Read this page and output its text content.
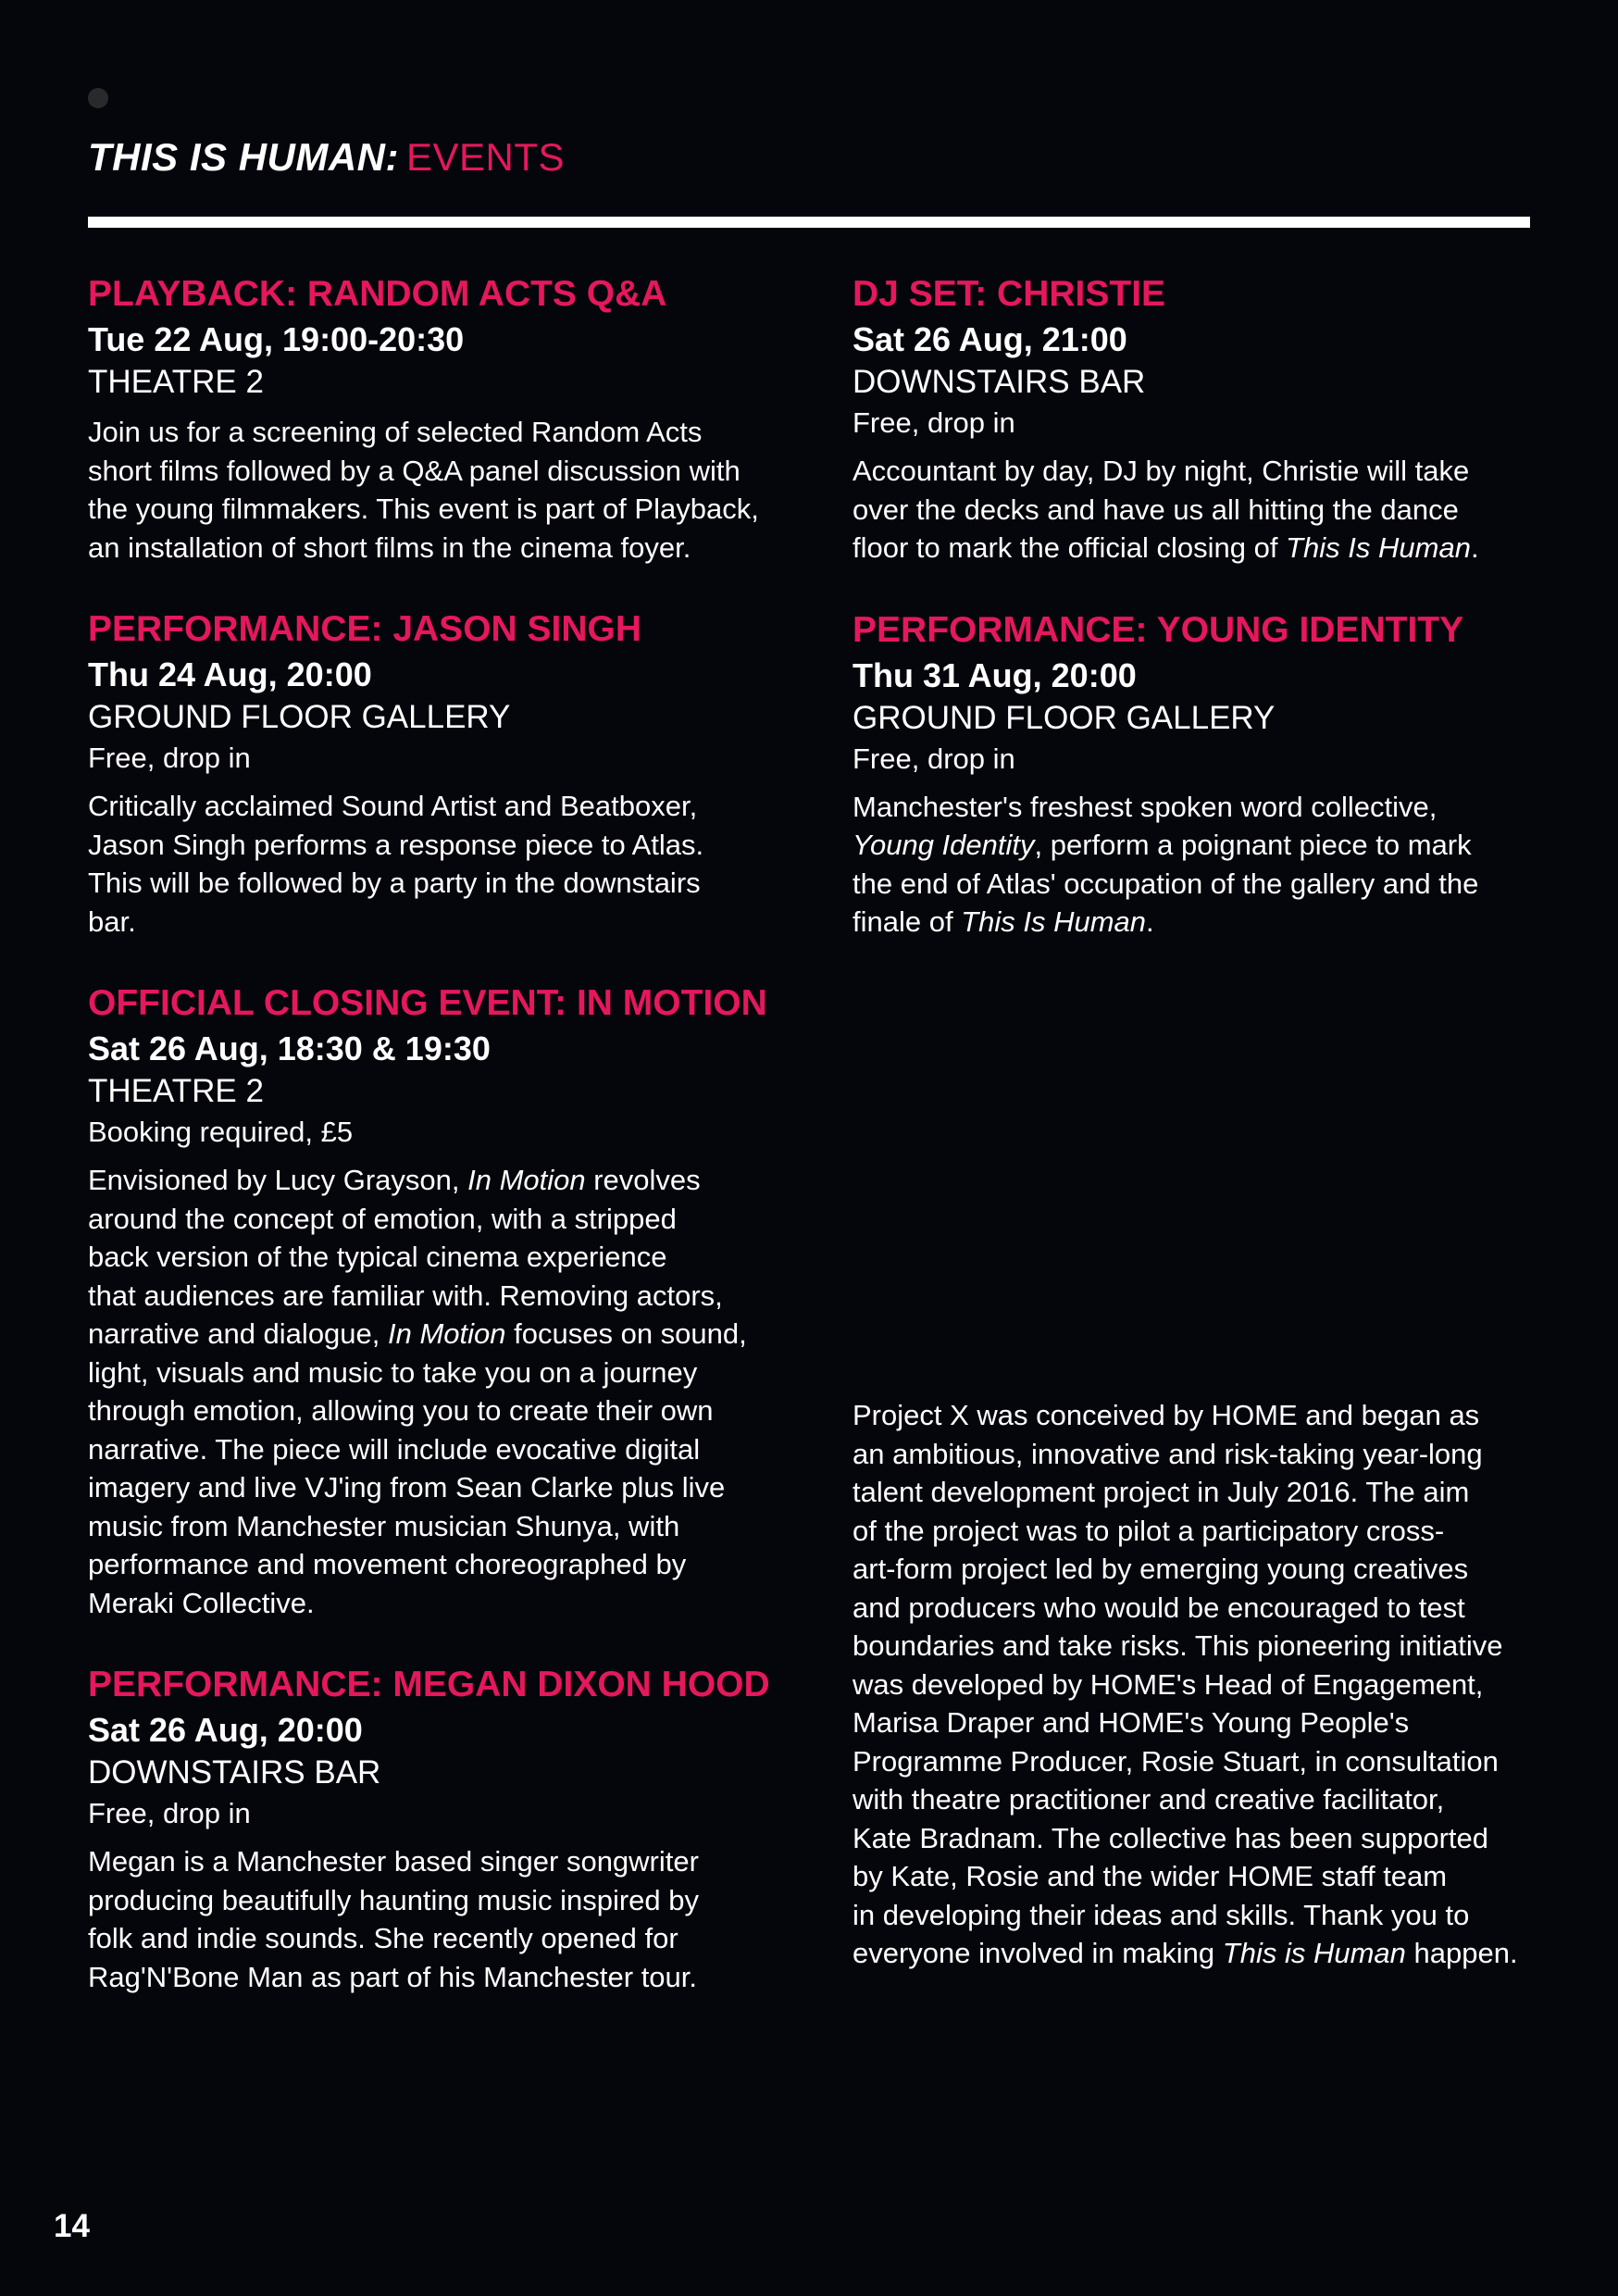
THIS IS HUMAN: EVENTS
PLAYBACK: RANDOM ACTS Q&A
Tue 22 Aug, 19:00-20:30
THEATRE 2
Join us for a screening of selected Random Acts
short films followed by a Q&A panel discussion with
the young filmmakers. This event is part of Playback,
an installation of short films in the cinema foyer.
PERFORMANCE: JASON SINGH
Thu 24 Aug, 20:00
GROUND FLOOR GALLERY
Free, drop in
Critically acclaimed Sound Artist and Beatboxer,
Jason Singh performs a response piece to Atlas.
This will be followed by a party in the downstairs
bar.
OFFICIAL CLOSING EVENT: IN MOTION
Sat 26 Aug, 18:30 & 19:30
THEATRE 2
Booking required, £5
Envisioned by Lucy Grayson, In Motion revolves
around the concept of emotion, with a stripped
back version of the typical cinema experience
that audiences are familiar with. Removing actors,
narrative and dialogue, In Motion focuses on sound,
light, visuals and music to take you on a journey
through emotion, allowing you to create their own
narrative. The piece will include evocative digital
imagery and live VJ'ing from Sean Clarke plus live
music from Manchester musician Shunya, with
performance and movement choreographed by
Meraki Collective.
PERFORMANCE: MEGAN DIXON HOOD
Sat 26 Aug, 20:00
DOWNSTAIRS BAR
Free, drop in
Megan is a Manchester based singer songwriter
producing beautifully haunting music inspired by
folk and indie sounds. She recently opened for
Rag'N'Bone Man as part of his Manchester tour.
DJ SET: CHRISTIE
Sat 26 Aug, 21:00
DOWNSTAIRS BAR
Free, drop in
Accountant by day, DJ by night, Christie will take
over the decks and have us all hitting the dance
floor to mark the official closing of This Is Human.
PERFORMANCE: YOUNG IDENTITY
Thu 31 Aug, 20:00
GROUND FLOOR GALLERY
Free, drop in
Manchester's freshest spoken word collective,
Young Identity, perform a poignant piece to mark
the end of Atlas' occupation of the gallery and the
finale of This Is Human.
Project X was conceived by HOME and began as
an ambitious, innovative and risk-taking year-long
talent development project in July 2016. The aim
of the project was to pilot a participatory cross-
art-form project led by emerging young creatives
and producers who would be encouraged to test
boundaries and take risks. This pioneering initiative
was developed by HOME's Head of Engagement,
Marisa Draper and HOME's Young People's
Programme Producer, Rosie Stuart, in consultation
with theatre practitioner and creative facilitator,
Kate Bradnam. The collective has been supported
by Kate, Rosie and the wider HOME staff team
in developing their ideas and skills. Thank you to
everyone involved in making This is Human happen.
14
